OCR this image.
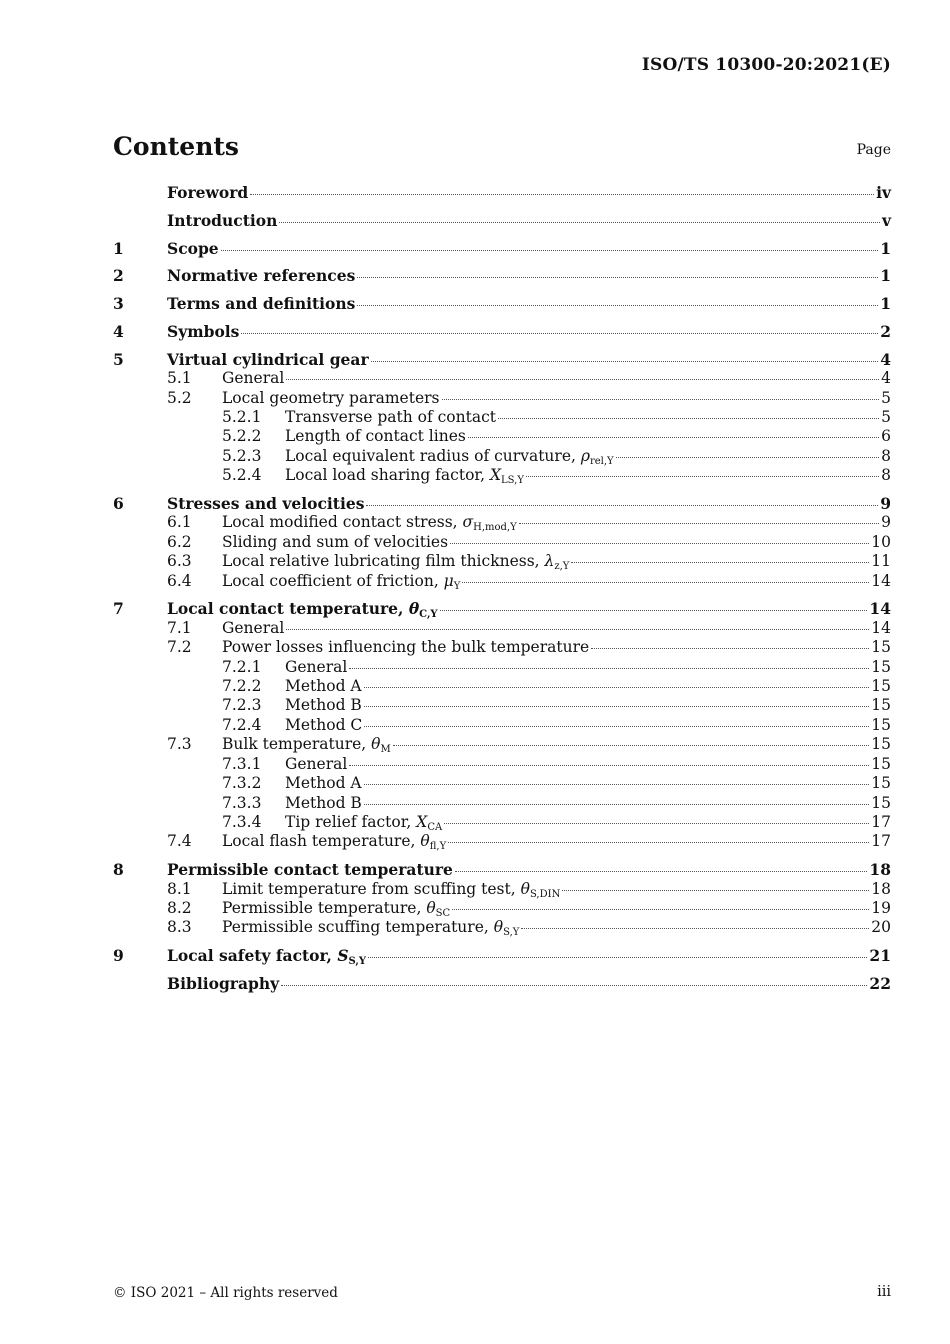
ISO/TS 10300-20:2021(E)
Contents	Page
Foreword	iv
Introduction	v
1	Scope	1
2	Normative references	1
3	Terms and definitions	1
4	Symbols	2
5	Virtual cylindrical gear	4
5.1	General	4
5.2	Local geometry parameters	5
5.2.1	Transverse path of contact	5
5.2.2	Length of contact lines	6
5.2.3	Local equivalent radius of curvature, $\rho_{rel,Y}$	8
5.2.4	Local load sharing factor, $X_{LS,Y}$	8
6	Stresses and velocities	9
6.1	Local modified contact stress, $\sigma_{H,mod,Y}$	9
6.2	Sliding and sum of velocities	10
6.3	Local relative lubricating film thickness, $\lambda_{z,Y}$	11
6.4	Local coefficient of friction, $\mu_Y$	14
7	Local contact temperature, $\theta_{C,Y}$	14
7.1	General	14
7.2	Power losses influencing the bulk temperature	15
7.2.1	General	15
7.2.2	Method A	15
7.2.3	Method B	15
7.2.4	Method C	15
7.3	Bulk temperature, $\theta_M$	15
7.3.1	General	15
7.3.2	Method A	15
7.3.3	Method B	15
7.3.4	Tip relief factor, $X_{CA}$	17
7.4	Local flash temperature, $\theta_{fl,Y}$	17
8	Permissible contact temperature	18
8.1	Limit temperature from scuffing test, $\theta_{S,DIN}$	18
8.2	Permissible temperature, $\theta_{SC}$	19
8.3	Permissible scuffing temperature, $\theta_{S,Y}$	20
9	Local safety factor, $S_{S,Y}$	21
Bibliography	22
© ISO 2021 – All rights reserved	iii
